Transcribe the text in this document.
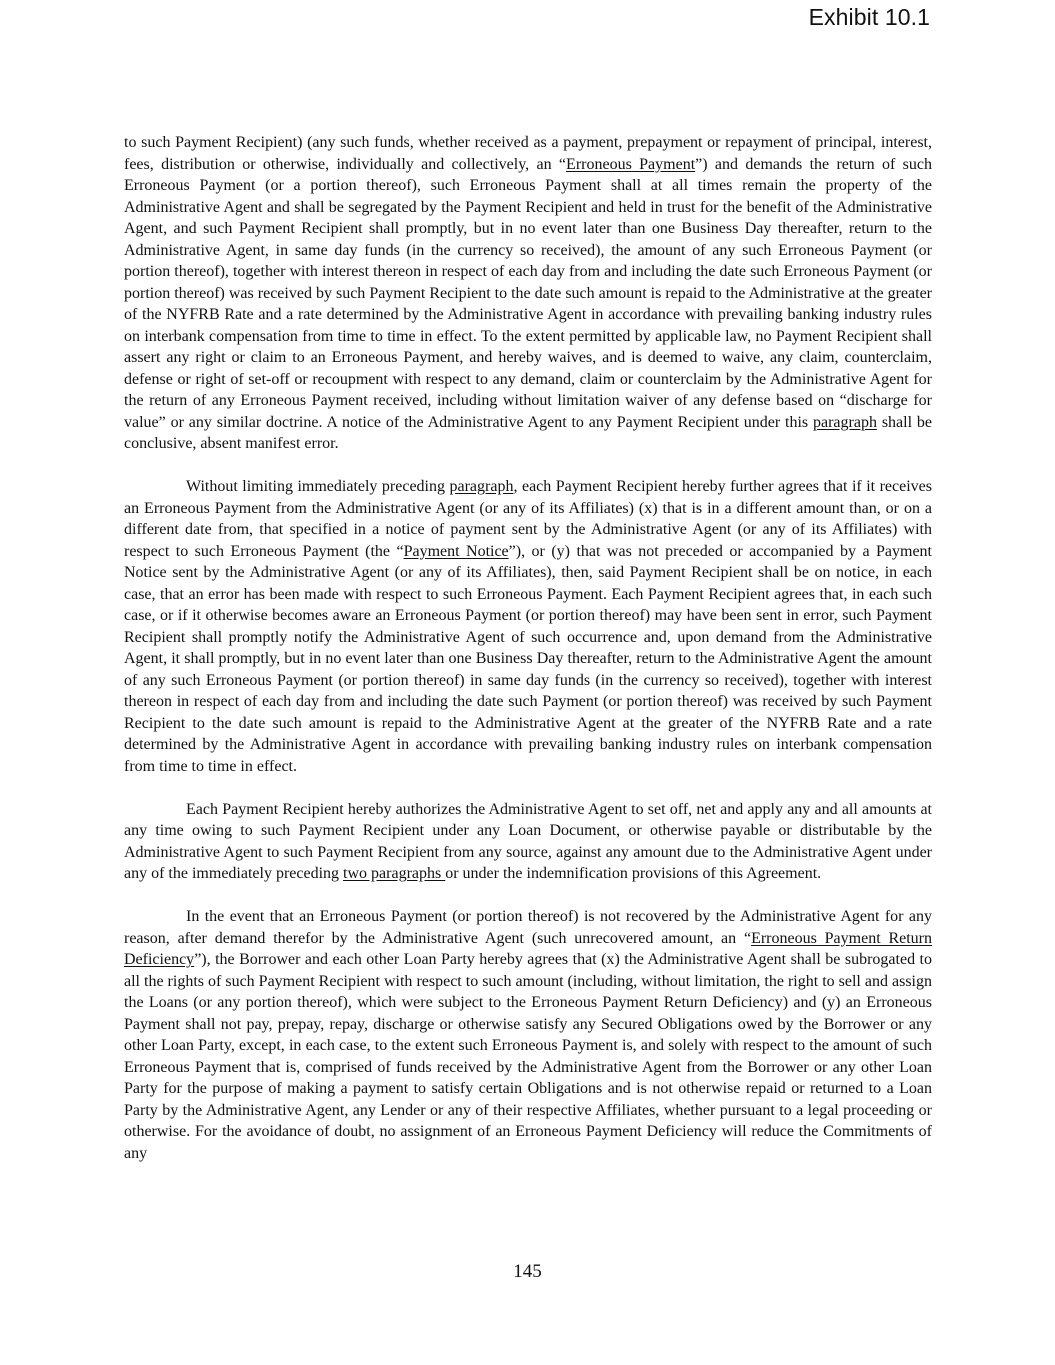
Exhibit 10.1

to such Payment Recipient) (any such funds, whether received as a payment, prepayment or repayment of principal, interest, fees, distribution or otherwise, individually and collectively, an “Erroneous Payment”) and demands the return of such Erroneous Payment (or a portion thereof), such Erroneous Payment shall at all times remain the property of the Administrative Agent and shall be segregated by the Payment Recipient and held in trust for the benefit of the Administrative Agent, and such Payment Recipient shall promptly, but in no event later than one Business Day thereafter, return to the Administrative Agent, in same day funds (in the currency so received), the amount of any such Erroneous Payment (or portion thereof), together with interest thereon in respect of each day from and including the date such Erroneous Payment (or portion thereof) was received by such Payment Recipient to the date such amount is repaid to the Administrative at the greater of the NYFRB Rate and a rate determined by the Administrative Agent in accordance with prevailing banking industry rules on interbank compensation from time to time in effect. To the extent permitted by applicable law, no Payment Recipient shall assert any right or claim to an Erroneous Payment, and hereby waives, and is deemed to waive, any claim, counterclaim, defense or right of set-off or recoupment with respect to any demand, claim or counterclaim by the Administrative Agent for the return of any Erroneous Payment received, including without limitation waiver of any defense based on “discharge for value” or any similar doctrine. A notice of the Administrative Agent to any Payment Recipient under this paragraph shall be conclusive, absent manifest error.

Without limiting immediately preceding paragraph, each Payment Recipient hereby further agrees that if it receives an Erroneous Payment from the Administrative Agent (or any of its Affiliates) (x) that is in a different amount than, or on a different date from, that specified in a notice of payment sent by the Administrative Agent (or any of its Affiliates) with respect to such Erroneous Payment (the “Payment Notice”), or (y) that was not preceded or accompanied by a Payment Notice sent by the Administrative Agent (or any of its Affiliates), then, said Payment Recipient shall be on notice, in each case, that an error has been made with respect to such Erroneous Payment. Each Payment Recipient agrees that, in each such case, or if it otherwise becomes aware an Erroneous Payment (or portion thereof) may have been sent in error, such Payment Recipient shall promptly notify the Administrative Agent of such occurrence and, upon demand from the Administrative Agent, it shall promptly, but in no event later than one Business Day thereafter, return to the Administrative Agent the amount of any such Erroneous Payment (or portion thereof) in same day funds (in the currency so received), together with interest thereon in respect of each day from and including the date such Payment (or portion thereof) was received by such Payment Recipient to the date such amount is repaid to the Administrative Agent at the greater of the NYFRB Rate and a rate determined by the Administrative Agent in accordance with prevailing banking industry rules on interbank compensation from time to time in effect.

Each Payment Recipient hereby authorizes the Administrative Agent to set off, net and apply any and all amounts at any time owing to such Payment Recipient under any Loan Document, or otherwise payable or distributable by the Administrative Agent to such Payment Recipient from any source, against any amount due to the Administrative Agent under any of the immediately preceding two paragraphs or under the indemnification provisions of this Agreement.

In the event that an Erroneous Payment (or portion thereof) is not recovered by the Administrative Agent for any reason, after demand therefor by the Administrative Agent (such unrecovered amount, an “Erroneous Payment Return Deficiency”), the Borrower and each other Loan Party hereby agrees that (x) the Administrative Agent shall be subrogated to all the rights of such Payment Recipient with respect to such amount (including, without limitation, the right to sell and assign the Loans (or any portion thereof), which were subject to the Erroneous Payment Return Deficiency) and (y) an Erroneous Payment shall not pay, prepay, repay, discharge or otherwise satisfy any Secured Obligations owed by the Borrower or any other Loan Party, except, in each case, to the extent such Erroneous Payment is, and solely with respect to the amount of such Erroneous Payment that is, comprised of funds received by the Administrative Agent from the Borrower or any other Loan Party for the purpose of making a payment to satisfy certain Obligations and is not otherwise repaid or returned to a Loan Party by the Administrative Agent, any Lender or any of their respective Affiliates, whether pursuant to a legal proceeding or otherwise. For the avoidance of doubt, no assignment of an Erroneous Payment Deficiency will reduce the Commitments of any

145
